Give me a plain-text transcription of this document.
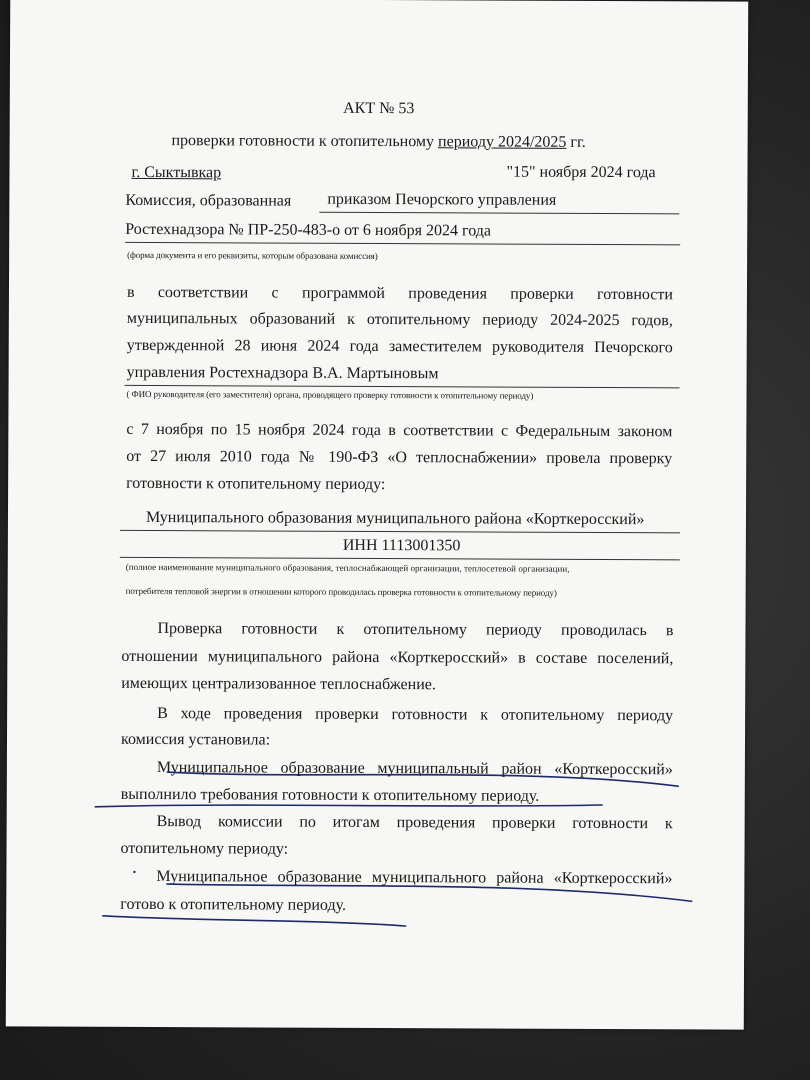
АКТ № 53
проверки готовности к отопительному периоду 2024/2025 гг.
г. Сыктывкар	"15" ноября 2024 года
Комиссия, образованная приказом Печорского управления
Ростехнадзора № ПР-250-483-о от 6 ноября 2024 года
(форма документа и его реквизиты, которым образована комиссия)
в соответствии с программой проведения проверки готовности
муниципальных образований к отопительному периоду 2024-2025 годов,
утвержденной 28 июня 2024 года заместителем руководителя Печорского
управления Ростехнадзора В.А. Мартыновым
( ФИО руководителя (его заместителя) органа, проводящего проверку готовности к отопительному периоду)
с 7 ноября по 15 ноября 2024 года в соответствии с Федеральным законом
от 27 июля 2010 года № 190-ФЗ «О теплоснабжении» провела проверку
готовности к отопительному периоду:
Муниципального образования муниципального района «Корткеросский»
ИНН 1113001350
(полное наименование муниципального образования, теплоснабжающей организации, теплосетевой организации,
потребителя тепловой энергии в отношении которого проводилась проверка готовности к отопительному периоду)
Проверка готовности к отопительному периоду проводилась в
отношении муниципального района «Корткеросский» в составе поселений,
имеющих централизованное теплоснабжение.
В ходе проведения проверки готовности к отопительному периоду
комиссия установила:
Муниципальное образование муниципальный район «Корткеросский»
выполнило требования готовности к отопительному периоду.
Вывод комиссии по итогам проведения проверки готовности к
отопительному периоду:
Муниципальное образование муниципального района «Корткеросский»
готово к отопительному периоду.
